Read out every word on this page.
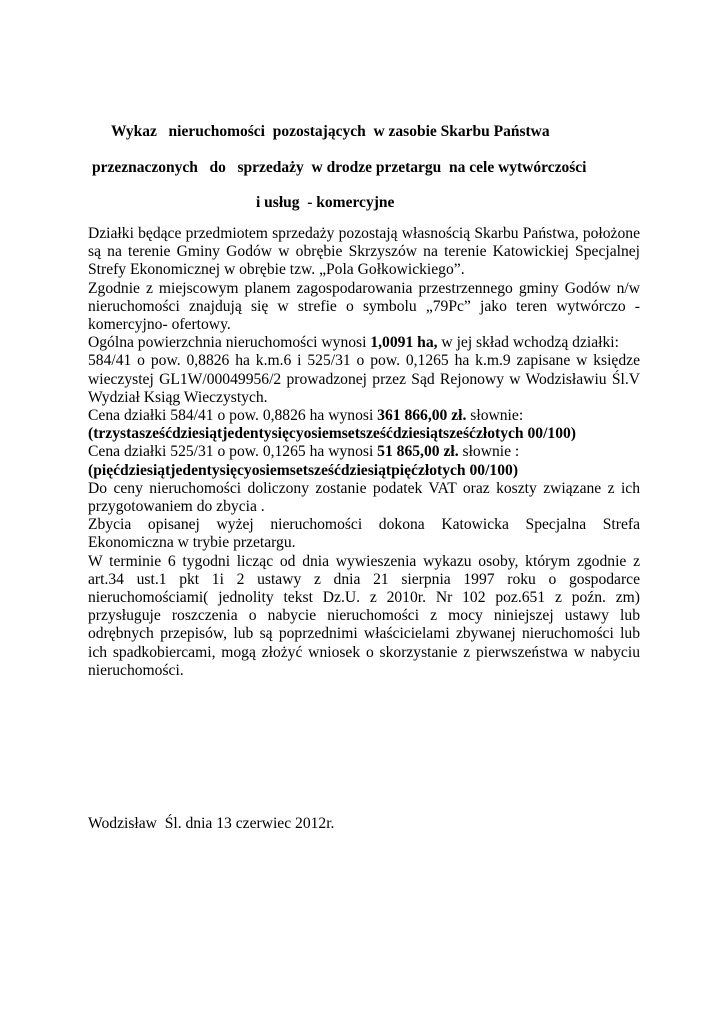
Wykaz   nieruchomości  pozostających  w zasobie Skarbu Państwa
przeznaczonych   do   sprzedaży  w drodze przetargu  na cele wytwórczości
i usług  - komercyjne

Działki będące przedmiotem sprzedaży pozostają własnością Skarbu Państwa, położone są na terenie Gminy Godów w obrębie Skrzyszów na terenie Katowickiej Specjalnej Strefy Ekonomicznej w obrębie tzw. „Pola Gołkowickiego”.

Zgodnie z miejscowym planem zagospodarowania przestrzennego gminy Godów n/w nieruchomości znajdują się w strefie o symbolu „79Pc” jako teren wytwórczo -komercyjno- ofertowy.

Ogólna powierzchnia nieruchomości wynosi 1,0091 ha, w jej skład wchodzą działki:

584/41 o pow. 0,8826 ha k.m.6 i 525/31 o pow. 0,1265 ha k.m.9 zapisane w księdze wieczystej GL1W/00049956/2 prowadzonej przez Sąd Rejonowy w Wodzisławiu Śl.V Wydział Ksiąg Wieczystych.

Cena działki 584/41 o pow. 0,8826 ha wynosi 361 866,00 zł. słownie:

(trzystasześćdziesiątjedentysięcyosiemsetsześćdziesiątsześćzłotych 00/100)

Cena działki 525/31 o pow. 0,1265 ha wynosi 51 865,00 zł. słownie :

(pięćdziesiątjedentysięcyosiemsetsześćdziesiątpięćzłotych 00/100)

Do ceny nieruchomości doliczony zostanie podatek VAT oraz koszty związane z ich przygotowaniem do zbycia .

Zbycia opisanej wyżej nieruchomości dokona Katowicka Specjalna Strefa Ekonomiczna w trybie przetargu.

W terminie 6 tygodni licząc od dnia wywieszenia wykazu osoby, którym zgodnie z art.34 ust.1 pkt 1i 2 ustawy z dnia 21 sierpnia 1997 roku o gospodarce nieruchomościami( jednolity tekst Dz.U. z 2010r. Nr 102 poz.651 z poźn. zm) przysługuje roszczenia o nabycie nieruchomości z mocy niniejszej ustawy lub odrębnych przepisów, lub są poprzednimi właścicielami zbywanej nieruchomości lub ich spadkobiercami, mogą złożyć wniosek o skorzystanie z pierwszeństwa w nabyciu nieruchomości.

Wodzisław  Śl. dnia 13 czerwiec 2012r.
